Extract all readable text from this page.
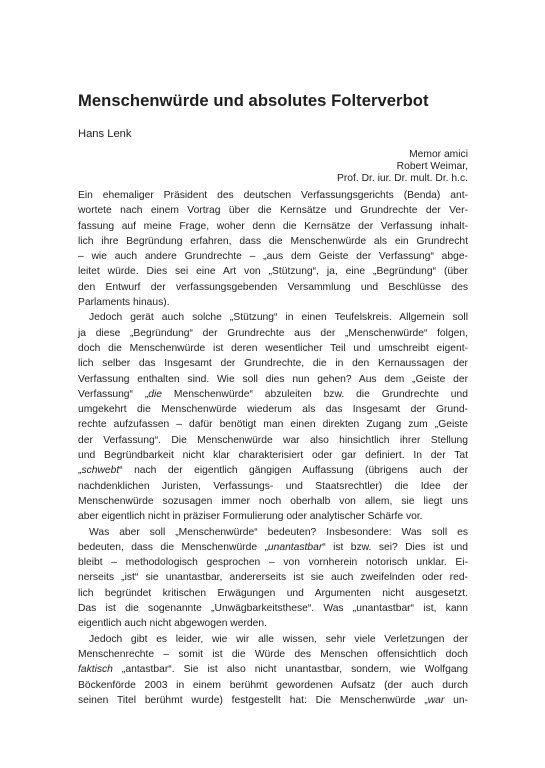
Menschenwürde und absolutes Folterverbot
Hans Lenk
Memor amici
Robert Weimar,
Prof. Dr. iur. Dr. mult. Dr. h.c.
Ein ehemaliger Präsident des deutschen Verfassungsgerichts (Benda) ant-
wortete nach einem Vortrag über die Kernsätze und Grundrechte der Ver-
fassung auf meine Frage, woher denn die Kernsätze der Verfassung inhalt-
lich ihre Begründung erfahren, dass die Menschenwürde als ein Grundrecht
– wie auch andere Grundrechte – „aus dem Geiste der Verfassung“ abge-
leitet würde. Dies sei eine Art von „Stützung“, ja, eine „Begründung“ (über
den Entwurf der verfassungsgebenden Versammlung und Beschlüsse des
Parlaments hinaus).
Jedoch gerät auch solche „Stützung“ in einen Teufelskreis. Allgemein soll
ja diese „Begründung“ der Grundrechte aus der „Menschenwürde“ folgen,
doch die Menschenwürde ist deren wesentlicher Teil und umschreibt eigent-
lich selber das Insgesamt der Grundrechte, die in den Kernaussagen der
Verfassung enthalten sind. Wie soll dies nun gehen? Aus dem „Geiste der
Verfassung“ „die Menschenwürde“ abzuleiten bzw. die Grundrechte und
umgekehrt die Menschenwürde wiederum als das Insgesamt der Grund-
rechte aufzufassen – dafür benötigt man einen direkten Zugang zum „Geiste
der Verfassung“. Die Menschenwürde war also hinsichtlich ihrer Stellung
und Begründbarkeit nicht klar charakterisiert oder gar definiert. In der Tat
„schwebt“ nach der eigentlich gängigen Auffassung (übrigens auch der
nachdenklichen Juristen, Verfassungs- und Staatsrechtler) die Idee der
Menschenwürde sozusagen immer noch oberhalb von allem, sie liegt uns
aber eigentlich nicht in präziser Formulierung oder analytischer Schärfe vor.
Was aber soll „Menschenwürde“ bedeuten? Insbesondere: Was soll es
bedeuten, dass die Menschenwürde „unantastbar“ ist bzw. sei? Dies ist und
bleibt – methodologisch gesprochen – von vornherein notorisch unklar. Ei-
nerseits „ist“ sie unantastbar, andererseits ist sie auch zweifelnden oder red-
lich begründet kritischen Erwägungen und Argumenten nicht ausgesetzt.
Das ist die sogenannte „Unwägbarkeitsthese“. Was „unantastbar“ ist, kann
eigentlich auch nicht abgewogen werden.
Jedoch gibt es leider, wie wir alle wissen, sehr viele Verletzungen der
Menschenrechte – somit ist die Würde des Menschen offensichtlich doch
faktisch „antastbar“. Sie ist also nicht unantastbar, sondern, wie Wolfgang
Böckenförde 2003 in einem berühmt gewordenen Aufsatz (der auch durch
seinen Titel berühmt wurde) festgestellt hat: Die Menschenwürde „war un-
